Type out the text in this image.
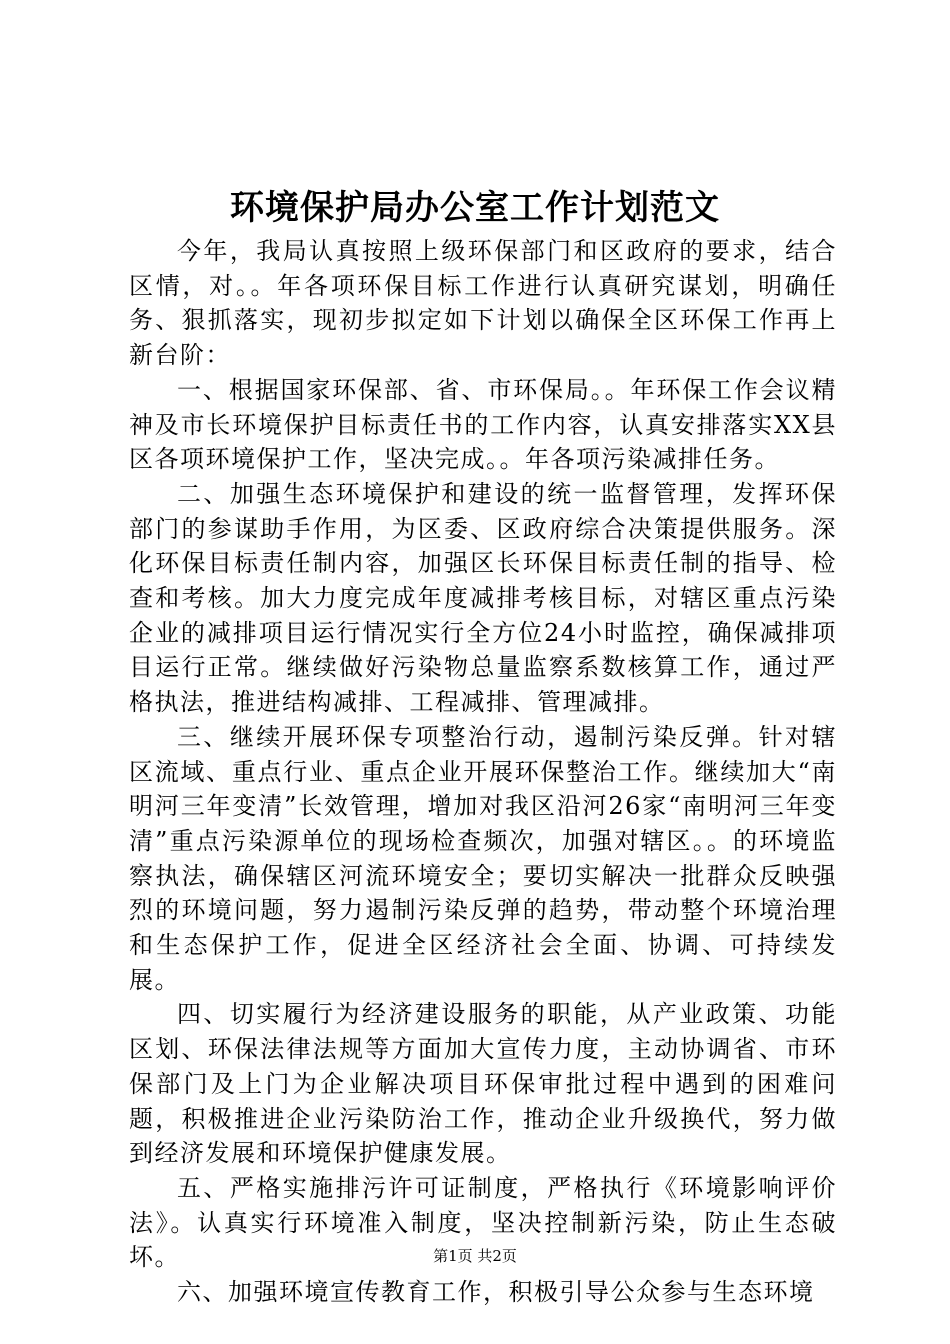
环境保护局办公室工作计划范文

今年，我局认真按照上级环保部门和区政府的要求，结合区情，对。。年各项环保目标工作进行认真研究谋划，明确任务、狠抓落实，现初步拟定如下计划以确保全区环保工作再上新台阶：

一、根据国家环保部、省、市环保局。。年环保工作会议精神及市长环境保护目标责任书的工作内容，认真安排落实XX县区各项环境保护工作，坚决完成。。年各项污染减排任务。

二、加强生态环境保护和建设的统一监督管理，发挥环保部门的参谋助手作用，为区委、区政府综合决策提供服务。深化环保目标责任制内容，加强区长环保目标责任制的指导、检查和考核。加大力度完成年度减排考核目标，对辖区重点污染企业的减排项目运行情况实行全方位24小时监控，确保减排项目运行正常。继续做好污染物总量监察系数核算工作，通过严格执法，推进结构减排、工程减排、管理减排。

三、继续开展环保专项整治行动，遏制污染反弹。针对辖区流域、重点行业、重点企业开展环保整治工作。继续加大“南明河三年变清”长效管理，增加对我区沿河26家“南明河三年变清”重点污染源单位的现场检查频次，加强对辖区。。的环境监察执法，确保辖区河流环境安全；要切实解决一批群众反映强烈的环境问题，努力遏制污染反弹的趋势，带动整个环境治理和生态保护工作，促进全区经济社会全面、协调、可持续发展。

四、切实履行为经济建设服务的职能，从产业政策、功能区划、环保法律法规等方面加大宣传力度，主动协调省、市环保部门及上门为企业解决项目环保审批过程中遇到的困难问题，积极推进企业污染防治工作，推动企业升级换代，努力做到经济发展和环境保护健康发展。

五、严格实施排污许可证制度，严格执行《环境影响评价法》。认真实行环境准入制度，坚决控制新污染，防止生态破坏。

六、加强环境宣传教育工作，积极引导公众参与生态环境

第1页 共2页
